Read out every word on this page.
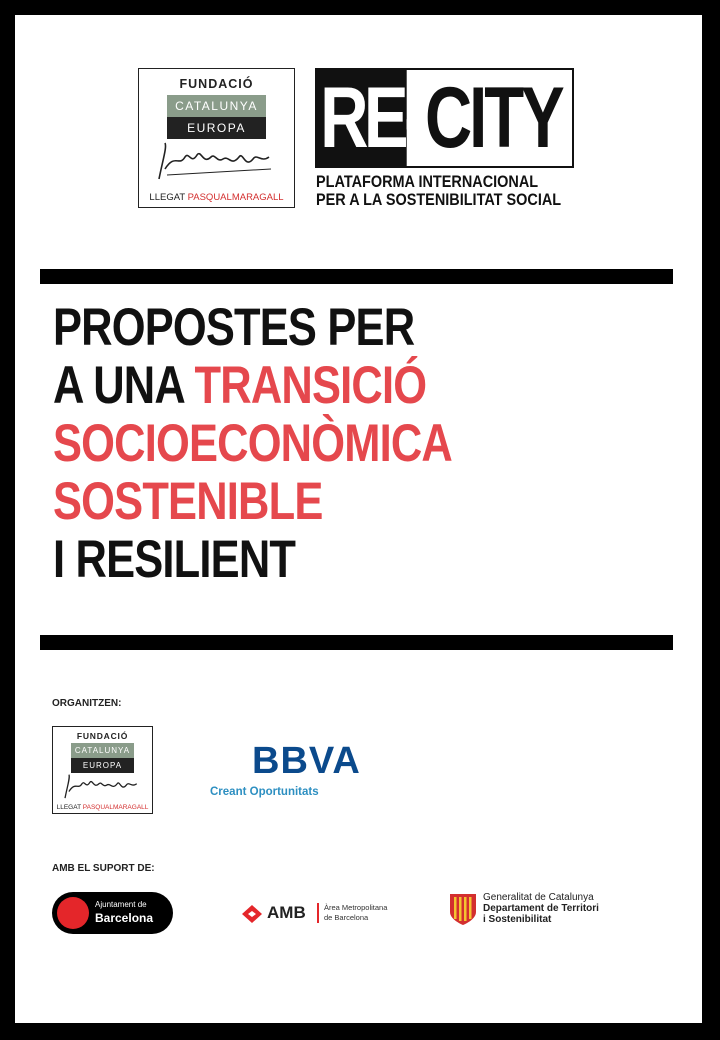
FUNDACIÓ
CATALUNYA
EUROPA
LLEGAT PASQUALMARAGALL
RE- CITY
PLATAFORMA INTERNACIONAL
PER A LA SOSTENIBILITAT SOCIAL
PROPOSTES PER
A UNA TRANSICIÓ
SOCIOECONÒMICA
SOSTENIBLE
I RESILIENT
ORGANITZEN:
FUNDACIÓ
CATALUNYA
EUROPA
LLEGAT PASQUALMARAGALL
BBVA
Creant Oportunitats
AMB EL SUPORT DE:
Ajuntament de
Barcelona	AMB Àrea Metropolitana
de Barcelona
Generalitat de Catalunya
Departament de Territori
i Sostenibilitat
